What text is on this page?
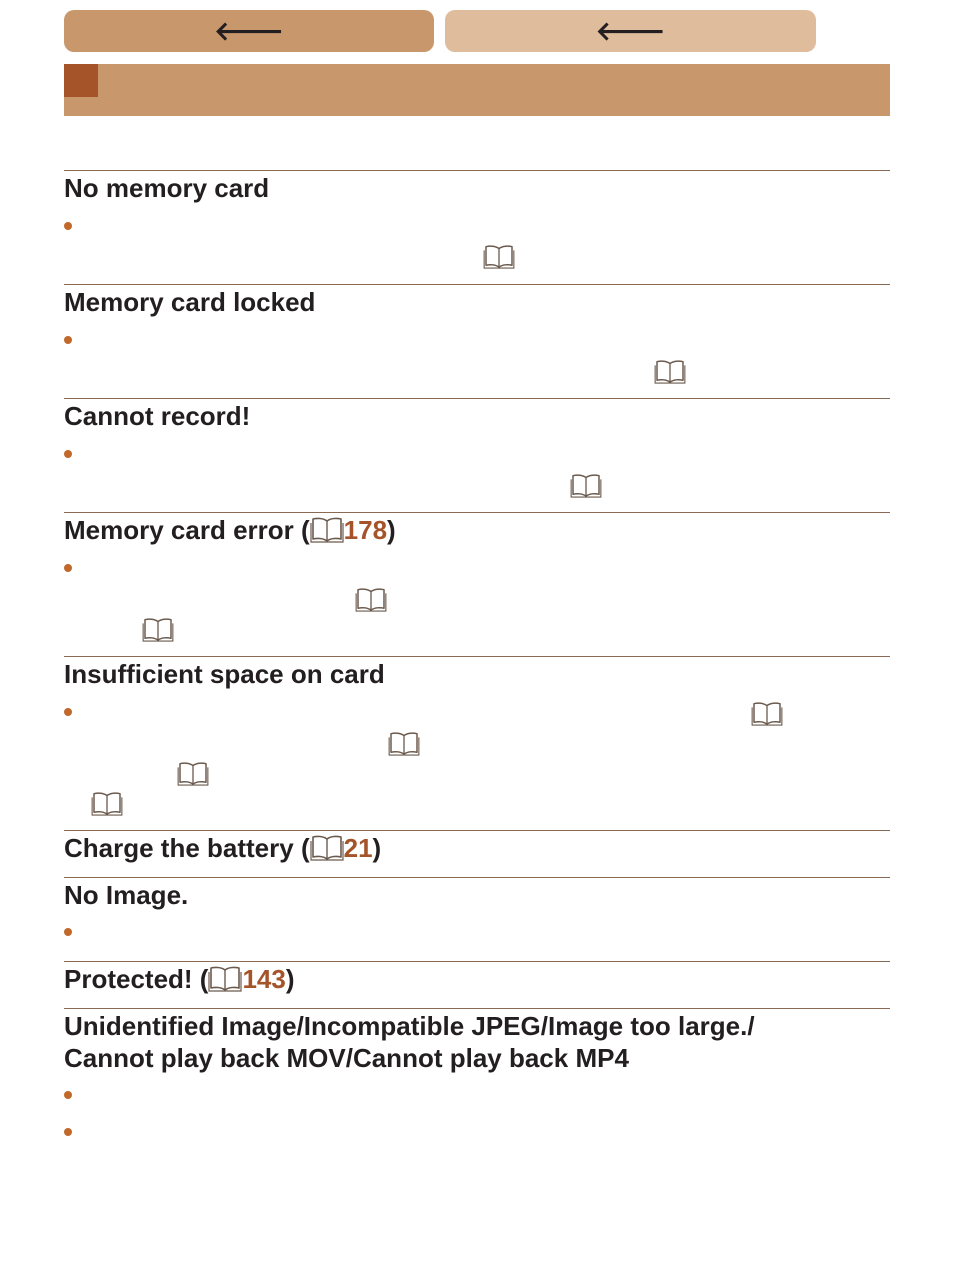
🡐	🡐
No memory card
Memory card locked
Cannot record!
Memory card error ( 178)
Insufficient space on card
Charge the battery ( 21)
No Image.
Protected! ( 143)
Unidentified Image/Incompatible JPEG/Image too large./
Cannot play back MOV/Cannot play back MP4
